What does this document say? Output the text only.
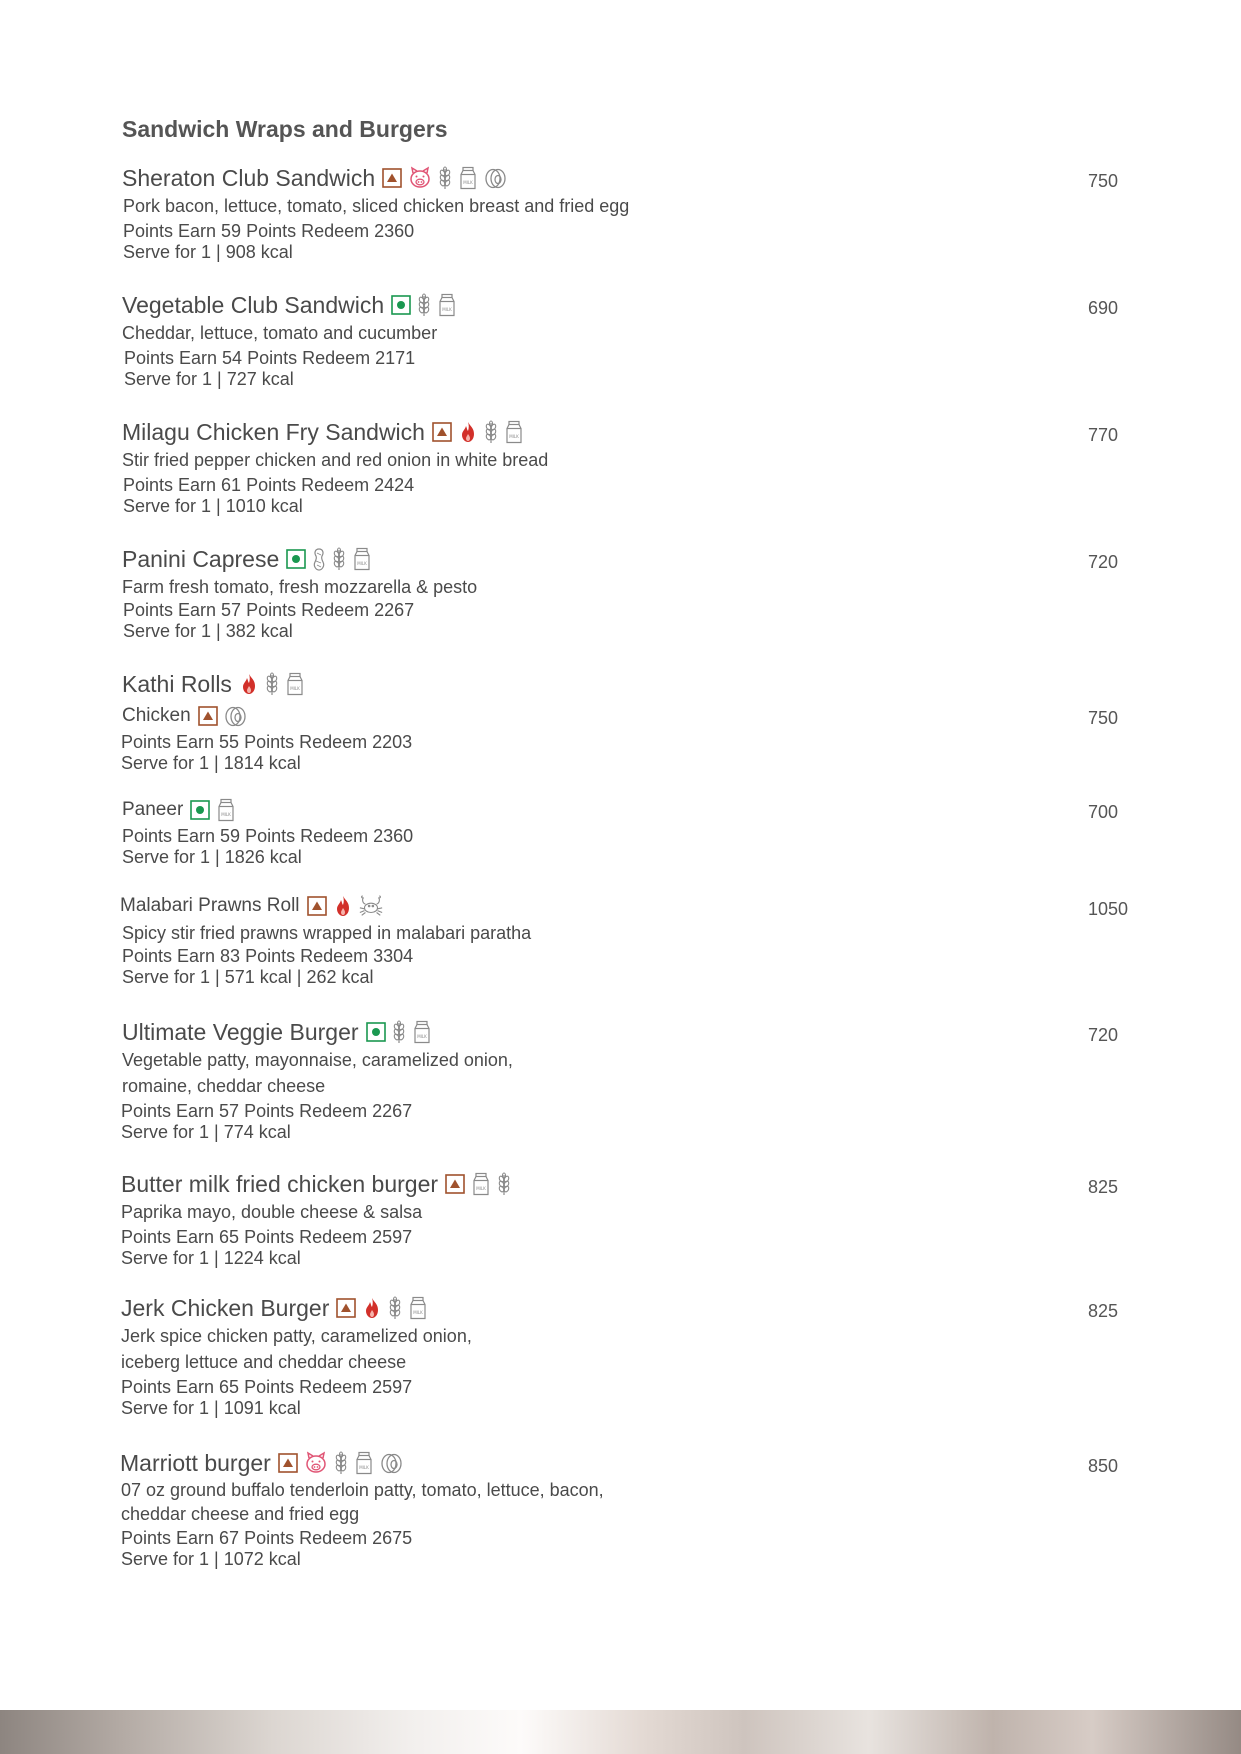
Sandwich Wraps and Burgers
Sheraton Club Sandwich	MILK
Pork bacon, lettuce, tomato, sliced chicken breast and fried egg
Points Earn 59 Points Redeem 2360
Serve for 1 | 908 kcal
750
Vegetable Club Sandwich	MILK
Cheddar, lettuce, tomato and cucumber
Points Earn 54 Points Redeem 2171
Serve for 1 | 727 kcal
690
Milagu Chicken Fry Sandwich	MILK
Stir fried pepper chicken and red onion in white bread
Points Earn 61 Points Redeem 2424
Serve for 1 | 1010 kcal
770
Panini Caprese	MILK
Farm fresh tomato, fresh mozzarella & pesto
Points Earn 57 Points Redeem 2267
Serve for 1 | 382 kcal
720
Kathi Rolls	MILK
Chicken
Points Earn 55 Points Redeem 2203
Serve for 1 | 1814 kcal
750
Paneer	MILK
Points Earn 59 Points Redeem 2360
Serve for 1 | 1826 kcal
700
Malabari Prawns Roll
Spicy stir fried prawns wrapped in malabari paratha
Points Earn 83 Points Redeem 3304
Serve for 1 | 571 kcal | 262 kcal
1050
Ultimate Veggie Burger	MILK
Vegetable patty, mayonnaise, caramelized onion,
romaine, cheddar cheese
Points Earn 57 Points Redeem 2267
Serve for 1 | 774 kcal
720
Butter milk fried chicken burger	MILK
Paprika mayo, double cheese & salsa
Points Earn 65 Points Redeem 2597
Serve for 1 | 1224 kcal
825
Jerk Chicken Burger	MILK
Jerk spice chicken patty, caramelized onion,
iceberg lettuce and cheddar cheese
Points Earn 65 Points Redeem 2597
Serve for 1 | 1091 kcal
825
Marriott burger	MILK
07 oz ground buffalo tenderloin patty, tomato, lettuce, bacon,
cheddar cheese and fried egg
Points Earn 67 Points Redeem 2675
Serve for 1 | 1072 kcal
850
